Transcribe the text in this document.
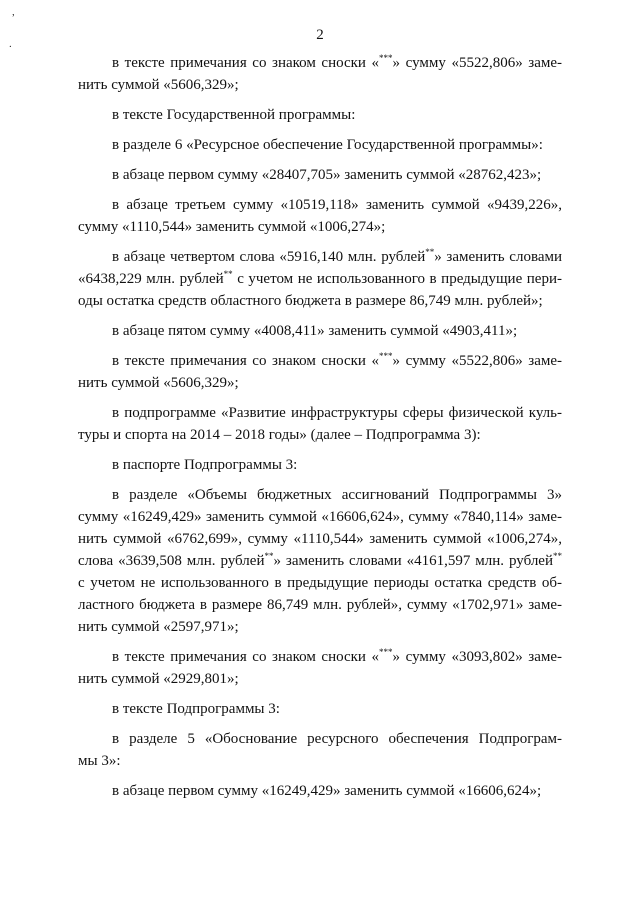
,
.
2
в тексте примечания со знаком сноски «***» сумму «5522,806» заме-
нить суммой «5606,329»;
в тексте Государственной программы:
в разделе 6 «Ресурсное обеспечение Государственной программы»:
в абзаце первом сумму «28407,705» заменить суммой «28762,423»;
в абзаце третьем сумму «10519,118» заменить суммой «9439,226»,
сумму «1110,544» заменить суммой «1006,274»;
в абзаце четвертом слова «5916,140 млн. рублей**» заменить словами
«6438,229 млн. рублей** с учетом не использованного в предыдущие пери-
оды остатка средств областного бюджета в размере 86,749 млн. рублей»;
в абзаце пятом сумму «4008,411» заменить суммой «4903,411»;
в тексте примечания со знаком сноски «***» сумму «5522,806» заме-
нить суммой «5606,329»;
в подпрограмме «Развитие инфраструктуры сферы физической куль-
туры и спорта на 2014 – 2018 годы» (далее – Подпрограмма 3):
в паспорте Подпрограммы 3:
в разделе «Объемы бюджетных ассигнований Подпрограммы 3»
сумму «16249,429» заменить суммой «16606,624», сумму «7840,114» заме-
нить суммой «6762,699», сумму «1110,544» заменить суммой «1006,274»,
слова «3639,508 млн. рублей**» заменить словами «4161,597 млн. рублей**
с учетом не использованного в предыдущие периоды остатка средств об-
ластного бюджета в размере 86,749 млн. рублей», сумму «1702,971» заме-
нить суммой «2597,971»;
в тексте примечания со знаком сноски «***» сумму «3093,802» заме-
нить суммой «2929,801»;
в тексте Подпрограммы 3:
в разделе 5 «Обоснование ресурсного обеспечения Подпрограм-
мы 3»:
в абзаце первом сумму «16249,429» заменить суммой «16606,624»;
